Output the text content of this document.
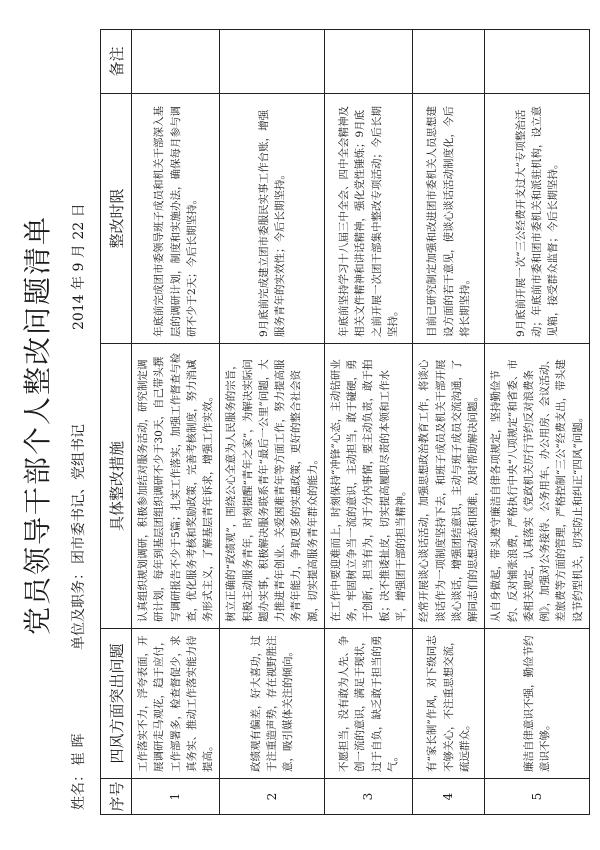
党员领导干部个人整改问题清单
姓名：崔 晖
单位及职务：团市委书记、党组书记
2014 年 9 月 22 日
序号	四风方面突出问题	具体整改措施	整改时限	备注
1	工作落实不力，浮夸表面，开展调研走马观花，趋于应付，工作部署多，检查督促少，求真务实、推动工作落实能力待提高。	认真组织规划调研，积极参加结对服务活动，研究制定调研计划，每年到基层团组织调研不少于30天，自己带头撰写调研报告不少于5篇；扎实工作落实，加强工作督查与检查，优化服务考核和奖励政策，完善考核制度，努力消减务形式主义，了解基层青年诉求，增强工作实效。	年底前完成团市委领导班子成员和机关干部深入基层的调研计划，制度和实施办法，确保每月参与调研不少于2天；今后长期坚持。	
2	政绩观有偏差，好大喜功，过于注重造声势，存在视野胜注意，吸引媒体关注的倾向。	树立正确的“政绩观”，围绕公心全意为人民服务的宗旨，积极主动服务青年，时刻提醒“青年之家”，为解决实际问题办实事，积极解决服务联系青年“最后一公里”问题，大力推进青年创业、关爱困难青年等方面工作，努力提高服务青年能力，争取更多的实惠政策，更好的整合社会资源，切实提高服务青年群众的能力。	9月底前完成建立团市委服民实事工作台账，增强服务青年的实效性；今后长期坚持。	
3	不愿担当，没有敢为人先、争创一流的意识，满足于现状，过于自负，缺乏敢于担当的勇气。	在工作中要迎难而上，时刻保持“冲锋”心态，主动钻研业务，牢固树立争当一流的意识，主动担当，敢于碰硬，勇于创新，担当有为，对于分内事情，要主动负责，敢于拍板；决不推诿扯皮，切实提高履职尽责的本领和工作水平，增强团干部的担当精神。	年底前坚持学习十八届三中全会、四中全会精神及相关文件精神和讲话精神，强化党性锤炼；9月底之前开展一次团干部集中整改专项活动；今后长期坚持。	
4	有“家长制”作风，对下级同志不够关心，不注重思想交流，疏远群众。	经常开展谈心谈话活动，加强思想政治教育工作，将谈心谈话作为一项制度坚持下去，和班子成员及机关干部开展谈心谈话，增强团结意识，主动与班子成员交流沟通，了解同志们的思想动态和困难，及时帮助解决问题。	目前已研究制定加强和改进团市委机关人员思想建设方面的若干意见，使谈心谈话活动制度化，今后将长期坚持。	
5	廉洁自律意识不强，勤俭节约意识不够。	从自身做起，带头遵守廉洁自律各项规定，坚持勤俭节约、反对铺张浪费，严格执行中央“八项规定”和省委、市委相关规定，认真落实《党政机关厉行节约反对浪费条例》，加强对公务接待、公务用车、办公用房、会议活动、差旅费等方面的管理，严格控制“三公”经费支出，带头建设节约型机关，切实防止和纠正“四风”问题。	9月底前开展一次“三公经费开支过大”专项整治活动；年底前市委和团市委机关和派驻机构，设立意见箱，接受群众监督；今后长期坚持。	
